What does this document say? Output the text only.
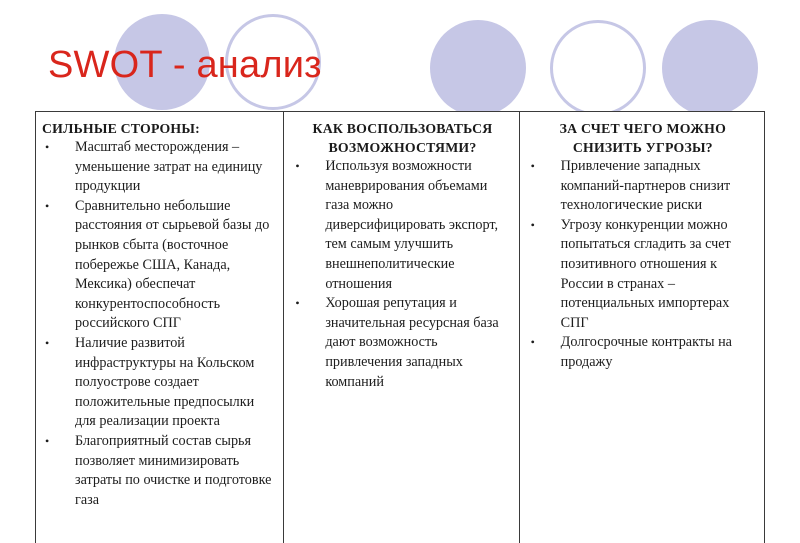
SWOT - анализ

СИЛЬНЫЕ СТОРОНЫ:

• Масштаб месторождения – уменьшение затрат на единицу продукции
• Сравнительно небольшие расстояния от сырьевой базы до рынков сбыта (восточное побережье США, Канада, Мексика) обеспечат конкурентоспособность российского СПГ
• Наличие развитой инфраструктуры на Кольском полуострове создает положительные предпосылки для реализации проекта
• Благоприятный состав сырья позволяет минимизировать затраты по очистке и подготовке газа

КАК ВОСПОЛЬЗОВАТЬСЯ ВОЗМОЖНОСТЯМИ?

• Используя возможности маневрирования объемами газа можно диверсифицировать экспорт, тем самым улучшить внешнеполитические отношения
• Хорошая репутация и значительная ресурсная база дают возможность привлечения западных компаний

ЗА СЧЕТ ЧЕГО МОЖНО СНИЗИТЬ УГРОЗЫ?

• Привлечение западных компаний-партнеров снизит технологические риски
• Угрозу конкуренции можно попытаться сгладить за счет позитивного отношения к России в странах – потенциальных импортерах СПГ
• Долгосрочные контракты на продажу
